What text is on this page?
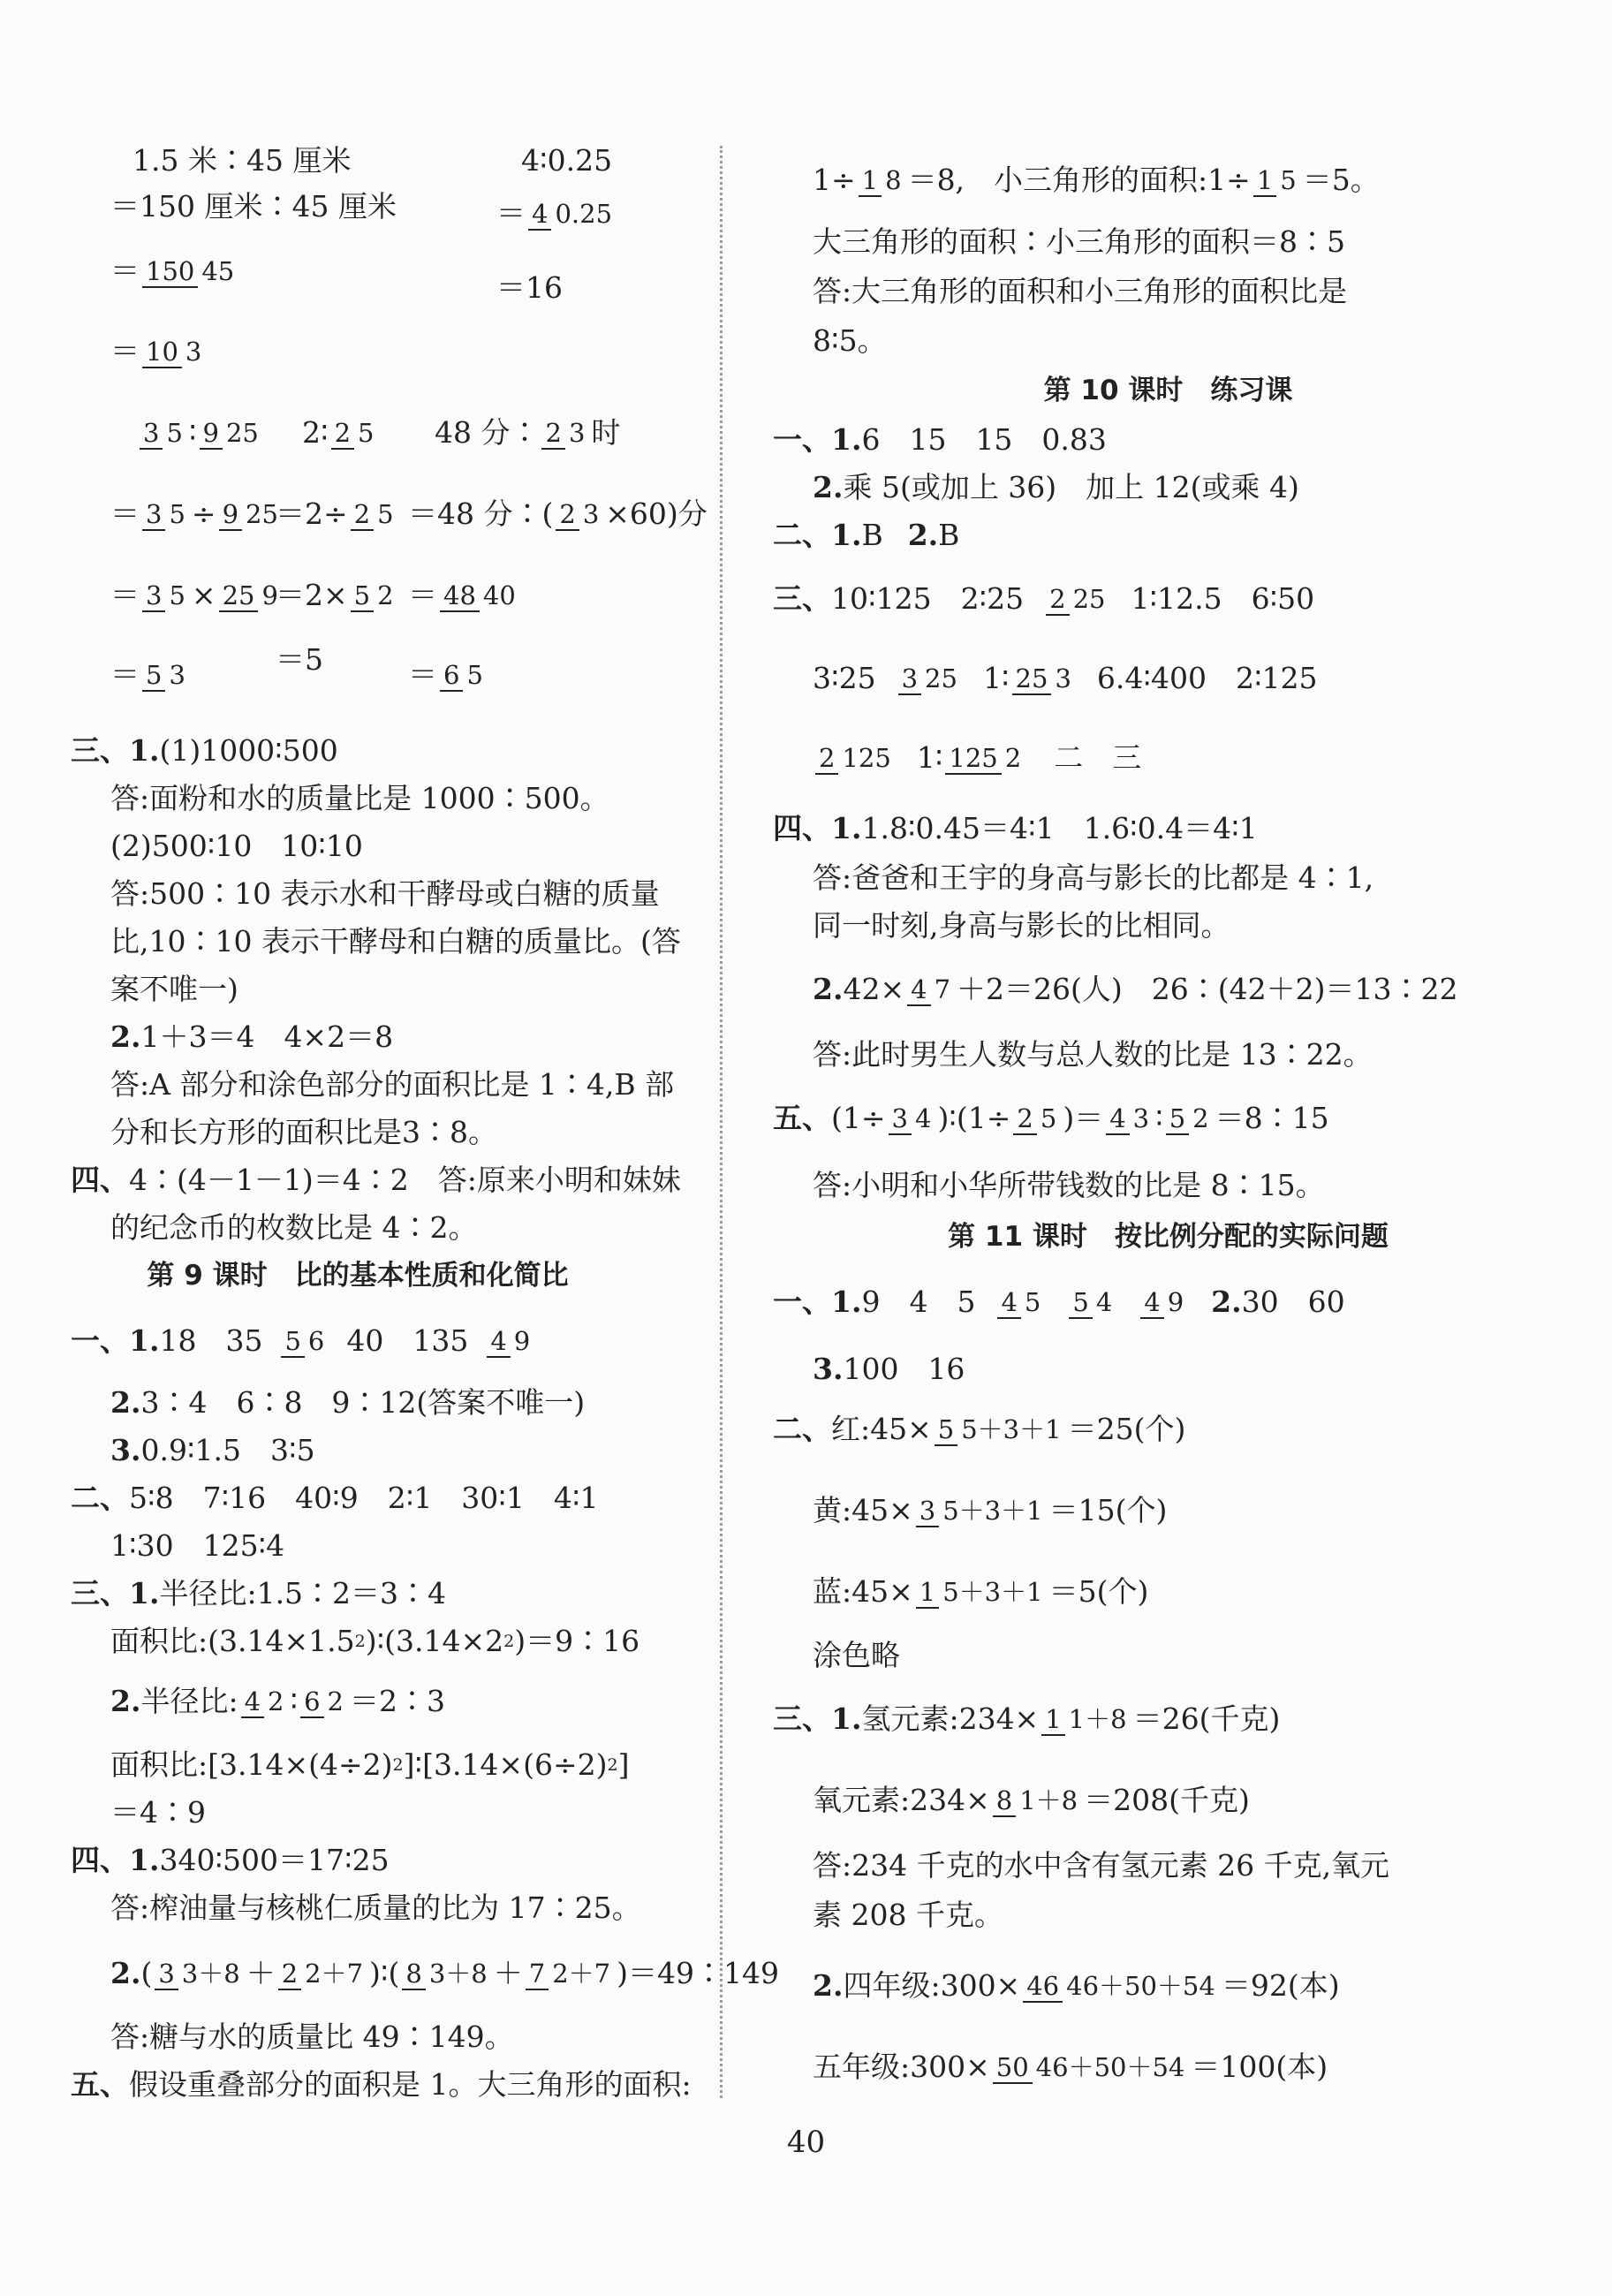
1.5 米∶45 厘米	4∶0.25
＝150 厘米∶45 厘米	＝ 4 0.25
＝ 150 45	＝16
＝ 10 3
3 5 ∶ 9 25 2∶ 2 5 48 分∶ 2 3 时
＝ 3 5 ÷ 9 25
＝2÷ 2 5 ＝48 分∶( 2 3 ×60)分
＝ 3 5 × 25 9
＝2× 5 2 ＝ 48 40
＝ 5 3	＝5	＝ 6 5
三、1. (1)1000∶500
答:面粉和水的质量比是 1000∶500。
(2)500∶10　10∶10
答:500∶10 表示水和干酵母或白糖的质量
比,10∶10 表示干酵母和白糖的质量比。(答
案不唯一)
2. 1＋3＝4　4×2＝8
答:A 部分和涂色部分的面积比是 1∶4,B 部
分和长方形的面积比是3∶8。
四、 4∶(4－1－1)＝4∶2　答:原来小明和妹妹
的纪念币的枚数比是 4∶2。
第 9 课时　比的基本性质和化简比
一、1. 18　35 5 6 40　135 4 9
2. 3∶4　6∶8　9∶12(答案不唯一)
3. 0.9∶1.5　3∶5
二、 5∶8　7∶16　40∶9　2∶1　30∶1　4∶1
1∶30　125∶4
三、1. 半径比:1.5∶2＝3∶4
面积比:(3.14×1.5 2 )∶(3.14×2 2 )＝9∶16
2. 半径比: 4 2 ∶ 6 2 ＝2∶3
面积比:[3.14×(4÷2) 2 ]∶[3.14×(6÷2) 2 ]
＝4∶9
四、1. 340∶500＝17∶25
答:榨油量与核桃仁质量的比为 17∶25。
2. ( 3 3＋8 ＋ 2 2＋7 )∶( 8 3＋8 ＋ 7 2＋7 )＝49∶149
答:糖与水的质量比 49∶149。
五、 假设重叠部分的面积是 1。大三角形的面积:
1÷ 1 8 ＝8,　小三角形的面积:1÷ 1 5 ＝5。
大三角形的面积∶小三角形的面积＝8∶5
答:大三角形的面积和小三角形的面积比是
8∶5。
第 10 课时　练习课
一、1. 6　15　15　0.83
2. 乘 5(或加上 36)　加上 12(或乘 4)
二、1. B 2. B
三、 10∶125　2∶25 2 25 1∶12.5　6∶50
3∶25 3 25 1∶ 25 3 6.4∶400　2∶125
2 125 1∶ 125 2 二　三
四、1. 1.8∶0.45＝4∶1　1.6∶0.4＝4∶1
答:爸爸和王宇的身高与影长的比都是 4∶1,
同一时刻,身高与影长的比相同。
2. 42× 4 7 ＋2＝26(人)　26∶(42＋2)＝13∶22
答:此时男生人数与总人数的比是 13∶22。
五、 (1÷ 3 4 )∶(1÷ 2 5 )＝ 4 3 ∶ 5 2 ＝8∶15
答:小明和小华所带钱数的比是 8∶15。
第 11 课时　按比例分配的实际问题
一、1. 9　4　5 4 5 5 4 4 9 2. 30　60
3. 100　16
二、 红:45× 5 5＋3＋1 ＝25(个)
黄:45× 3 5＋3＋1 ＝15(个)
蓝:45× 1 5＋3＋1 ＝5(个)
涂色略
三、1. 氢元素:234× 1 1＋8 ＝26(千克)
氧元素:234× 8 1＋8 ＝208(千克)
答:234 千克的水中含有氢元素 26 千克,氧元
素 208 千克。
2. 四年级:300× 46 46＋50＋54 ＝92(本)
五年级:300× 50 46＋50＋54 ＝100(本)
40
